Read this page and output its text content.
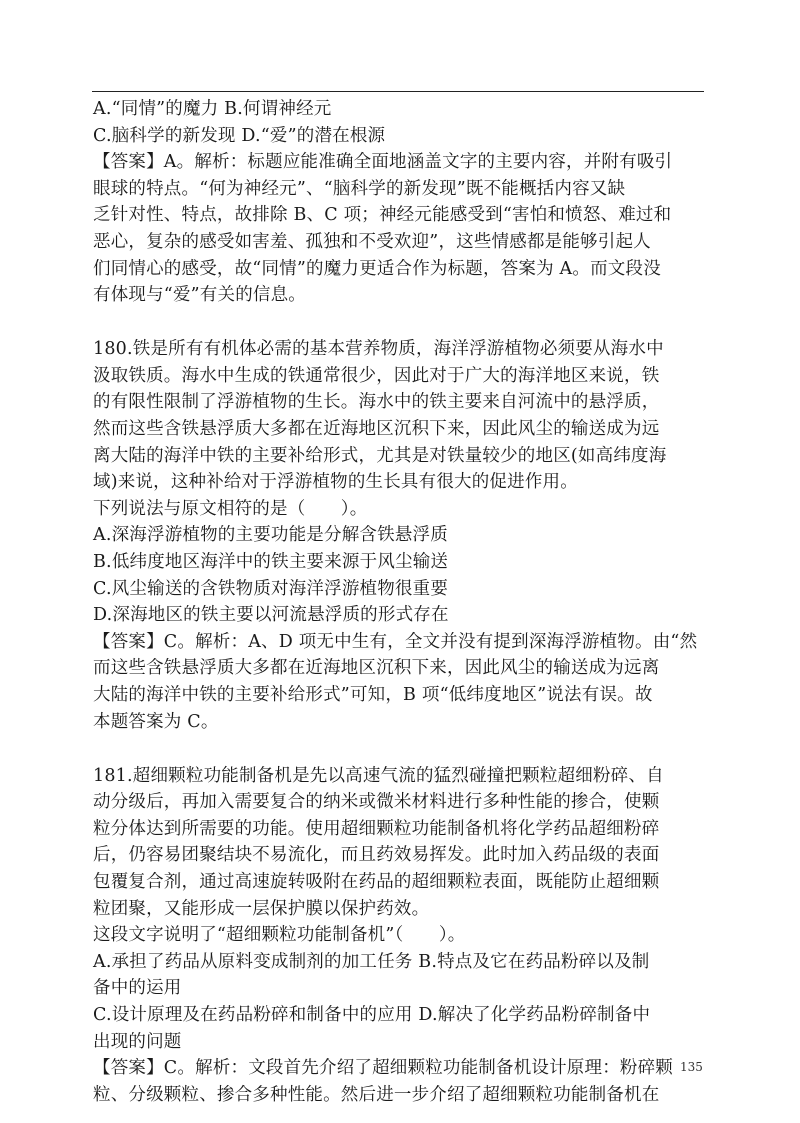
A.“同情”的魔力 B.何谓神经元
C.脑科学的新发现 D.“爱”的潜在根源
【答案】A。解析：标题应能准确全面地涵盖文字的主要内容，并附有吸引
眼球的特点。“何为神经元”、“脑科学的新发现”既不能概括内容又缺
乏针对性、特点，故排除 B、C 项；神经元能感受到“害怕和愤怒、难过和
恶心，复杂的感受如害羞、孤独和不受欢迎”，这些情感都是能够引起人
们同情心的感受，故“同情”的魔力更适合作为标题，答案为 A。而文段没
有体现与“爱”有关的信息。
180.铁是所有有机体必需的基本营养物质，海洋浮游植物必须要从海水中
汲取铁质。海水中生成的铁通常很少，因此对于广大的海洋地区来说，铁
的有限性限制了浮游植物的生长。海水中的铁主要来自河流中的悬浮质，
然而这些含铁悬浮质大多都在近海地区沉积下来，因此风尘的输送成为远
离大陆的海洋中铁的主要补给形式，尤其是对铁量较少的地区(如高纬度海
域)来说，这种补给对于浮游植物的生长具有很大的促进作用。
下列说法与原文相符的是（　　）。
A.深海浮游植物的主要功能是分解含铁悬浮质
B.低纬度地区海洋中的铁主要来源于风尘输送
C.风尘输送的含铁物质对海洋浮游植物很重要
D.深海地区的铁主要以河流悬浮质的形式存在
【答案】C。解析：A、D 项无中生有，全文并没有提到深海浮游植物。由“然
而这些含铁悬浮质大多都在近海地区沉积下来，因此风尘的输送成为远离
大陆的海洋中铁的主要补给形式”可知，B 项“低纬度地区”说法有误。故
本题答案为 C。
181.超细颗粒功能制备机是先以高速气流的猛烈碰撞把颗粒超细粉碎、自
动分级后，再加入需要复合的纳米或微米材料进行多种性能的掺合，使颗
粒分体达到所需要的功能。使用超细颗粒功能制备机将化学药品超细粉碎
后，仍容易团聚结块不易流化，而且药效易挥发。此时加入药品级的表面
包覆复合剂，通过高速旋转吸附在药品的超细颗粒表面，既能防止超细颗
粒团聚，又能形成一层保护膜以保护药效。
这段文字说明了“超细颗粒功能制备机”（　　）。
A.承担了药品从原料变成制剂的加工任务 B.特点及它在药品粉碎以及制
备中的运用
C.设计原理及在药品粉碎和制备中的应用 D.解决了化学药品粉碎制备中
出现的问题
【答案】C。解析：文段首先介绍了超细颗粒功能制备机设计原理：粉碎颗
粒、分级颗粒、掺合多种性能。然后进一步介绍了超细颗粒功能制备机在
135
